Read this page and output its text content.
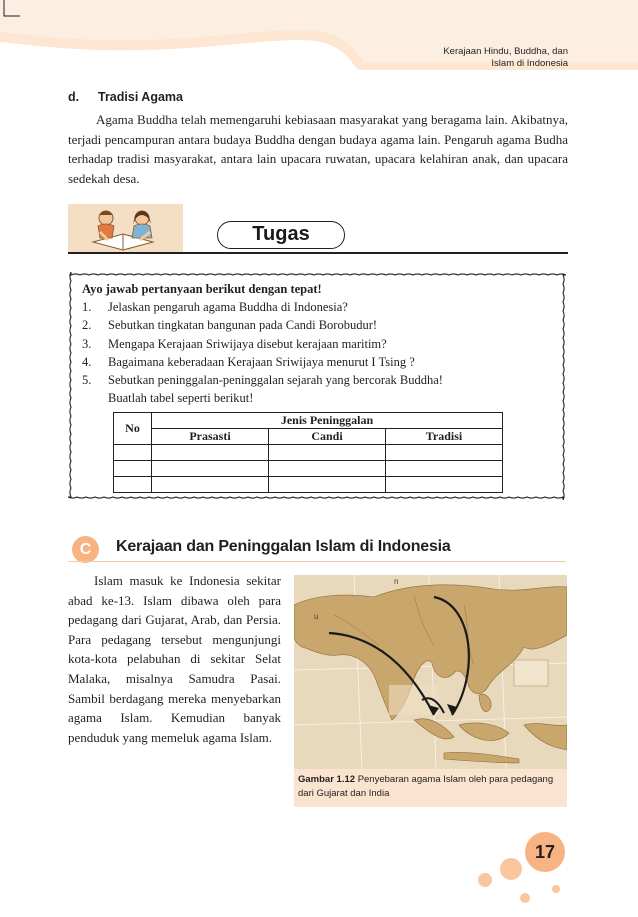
Kerajaan Hindu, Buddha, dan
Islam di Indonesia
d. Tradisi Agama
Agama Buddha telah memengaruhi kebiasaan masyarakat yang beragama lain. Akibatnya, terjadi pencampuran antara budaya Buddha dengan budaya agama lain. Pengaruh agama Budha terhadap tradisi masyarakat, antara lain upacara ruwatan, upacara kelahiran anak, dan upacara sedekah desa.
Tugas
Ayo jawab pertanyaan berikut dengan tepat!
1. Jelaskan pengaruh agama Buddha di Indonesia?
2. Sebutkan tingkatan bangunan pada Candi Borobudur!
3. Mengapa Kerajaan Sriwijaya disebut kerajaan maritim?
4. Bagaimana keberadaan Kerajaan Sriwijaya menurut I Tsing ?
5. Sebutkan peninggalan-peninggalan sejarah yang bercorak Buddha!
Buatlah tabel seperti berikut!
No	Jenis Peninggalan		
	Prasasti	Candi	Tradisi

C	Kerajaan dan Peninggalan Islam di Indonesia
Islam masuk ke Indonesia sekitar abad ke-13. Islam dibawa oleh para pedagang dari Gujarat, Arab, dan Persia. Para pedagang tersebut mengunjungi kota-kota pelabuhan di sekitar Selat Malaka, misalnya Samudra Pasai. Sambil berdagang mereka menyebarkan agama Islam. Kemudian banyak penduduk yang memeluk agama Islam.
n
u
Gambar 1.12 Penyebaran agama Islam oleh para pedagang dari Gujarat dan India
17
